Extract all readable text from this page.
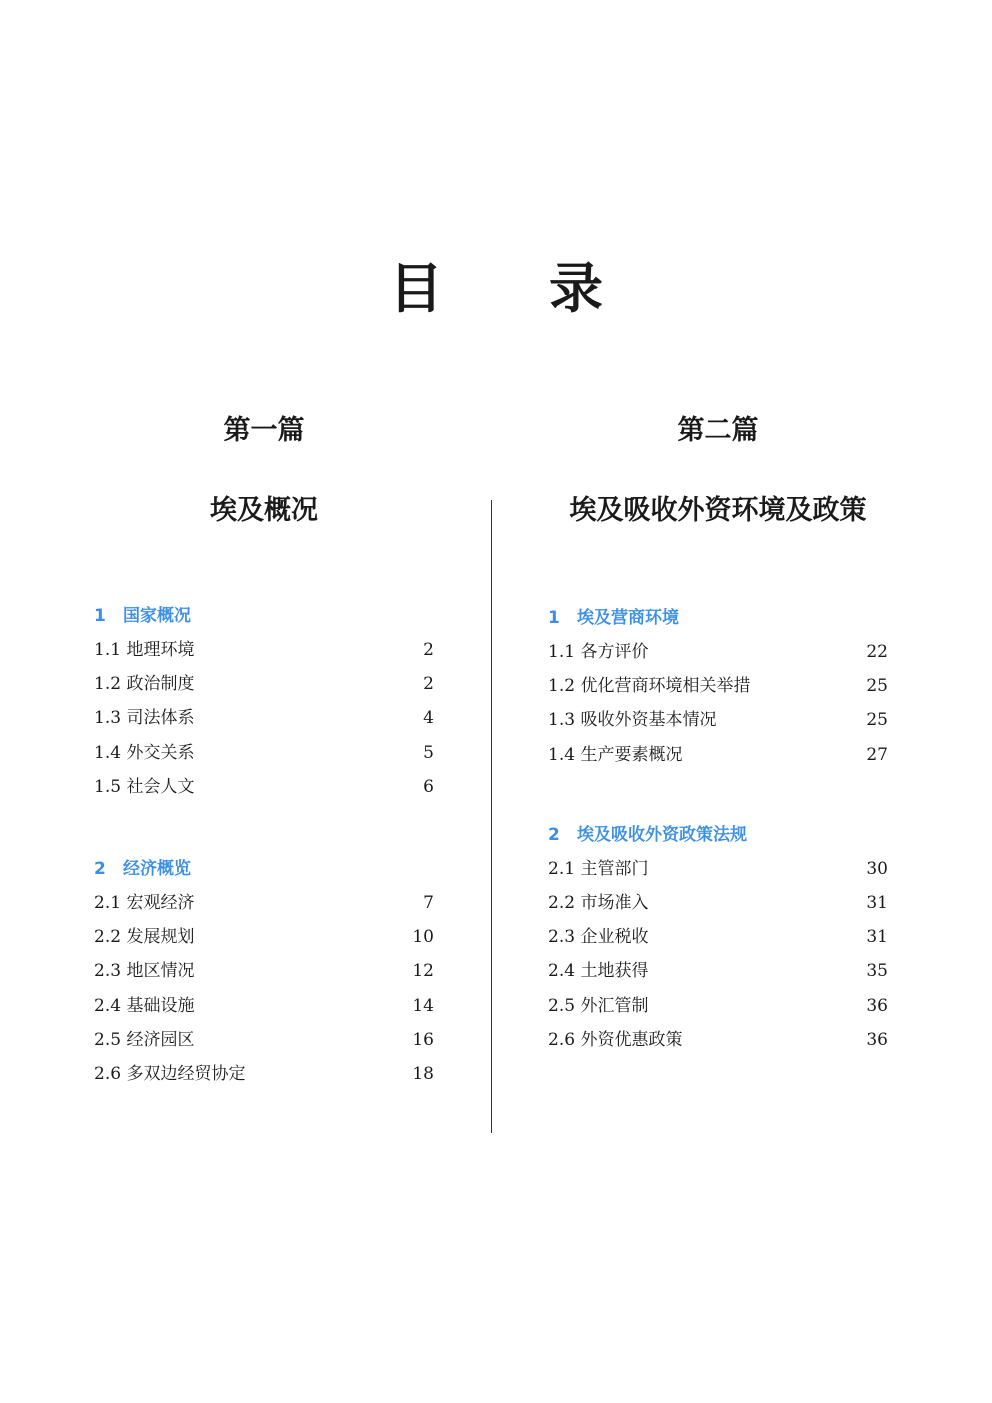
目 录
第一篇
埃及概况
1 国家概况
1.1 地理环境	2
1.2 政治制度	2
1.3 司法体系	4
1.4 外交关系	5
1.5 社会人文	6
2 经济概览
2.1 宏观经济	7
2.2 发展规划	10
2.3 地区情况	12
2.4 基础设施	14
2.5 经济园区	16
2.6 多双边经贸协定	18
第二篇
埃及吸收外资环境及政策
1 埃及营商环境
1.1 各方评价	22
1.2 优化营商环境相关举措	25
1.3 吸收外资基本情况	25
1.4 生产要素概况	27
2 埃及吸收外资政策法规
2.1 主管部门	30
2.2 市场准入	31
2.3 企业税收	31
2.4 土地获得	35
2.5 外汇管制	36
2.6 外资优惠政策	36
